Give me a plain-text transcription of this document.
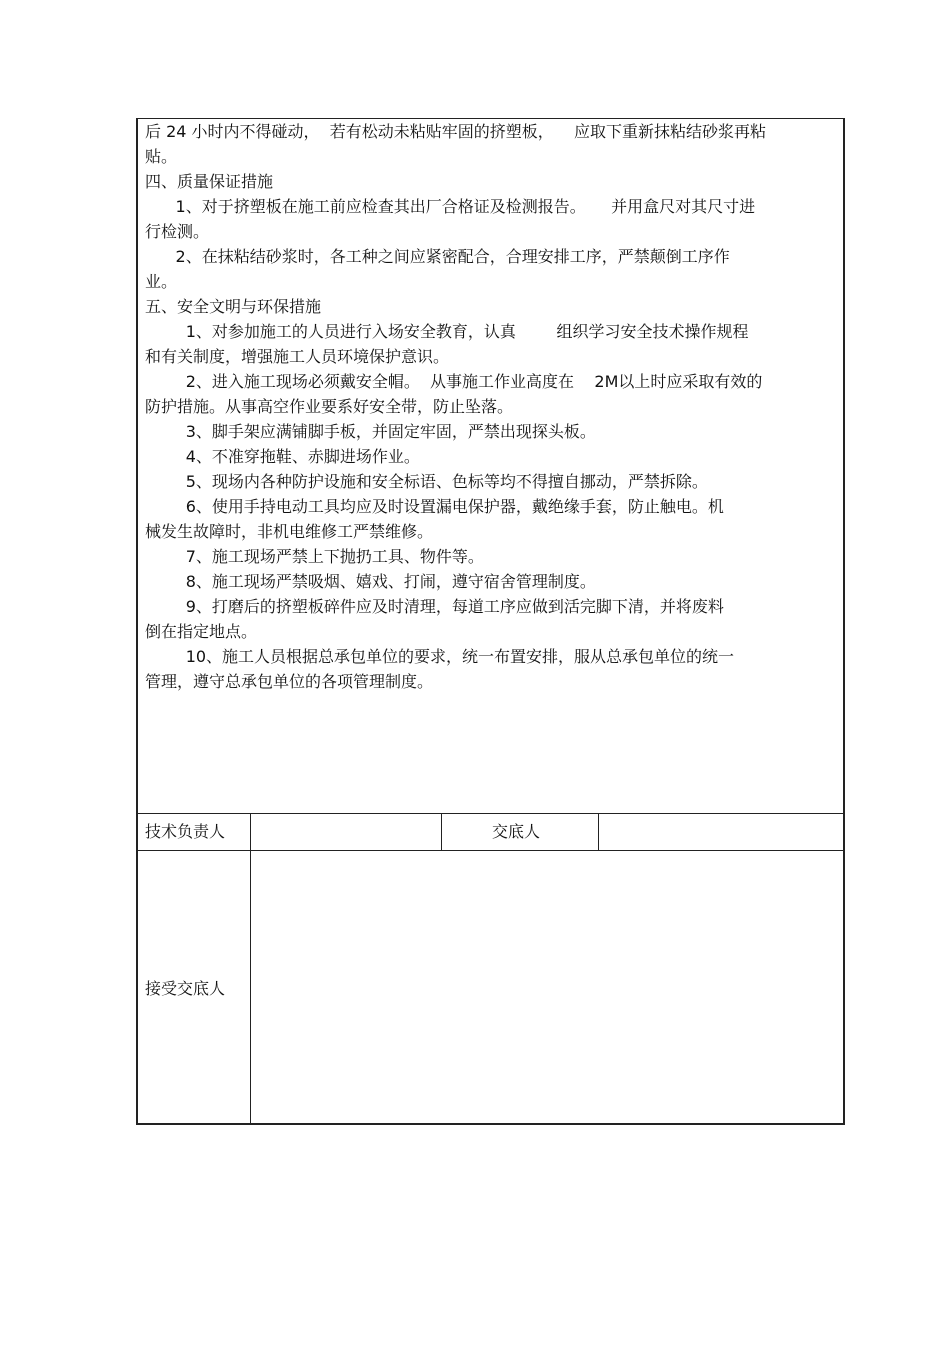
后 24 小时内不得碰动，  若有松动未粘贴牢固的挤塑板，    应取下重新抹粘结砂浆再粘
贴。
四、质量保证措施
1、对于挤塑板在施工前应检查其出厂合格证及检测报告。     并用盒尺对其尺寸进
行检测。
2、在抹粘结砂浆时，各工种之间应紧密配合，合理安排工序，严禁颠倒工序作
业。
五、安全文明与环保措施
1、对参加施工的人员进行入场安全教育，认真        组织学习安全技术操作规程
和有关制度，增强施工人员环境保护意识。
2、进入施工现场必须戴安全帽。  从事施工作业高度在    2M以上时应采取有效的
防护措施。从事高空作业要系好安全带，防止坠落。
3、脚手架应满铺脚手板，并固定牢固，严禁出现探头板。
4、不准穿拖鞋、赤脚进场作业。
5、现场内各种防护设施和安全标语、色标等均不得擅自挪动，严禁拆除。
6、使用手持电动工具均应及时设置漏电保护器，戴绝缘手套，防止触电。机
械发生故障时，非机电维修工严禁维修。
7、施工现场严禁上下抛扔工具、物件等。
8、施工现场严禁吸烟、嬉戏、打闹，遵守宿舍管理制度。
9、打磨后的挤塑板碎件应及时清理，每道工序应做到活完脚下清，并将废料
倒在指定地点。
10、施工人员根据总承包单位的要求，统一布置安排，服从总承包单位的统一
管理，遵守总承包单位的各项管理制度。
技术负责人	交底人
接受交底人
